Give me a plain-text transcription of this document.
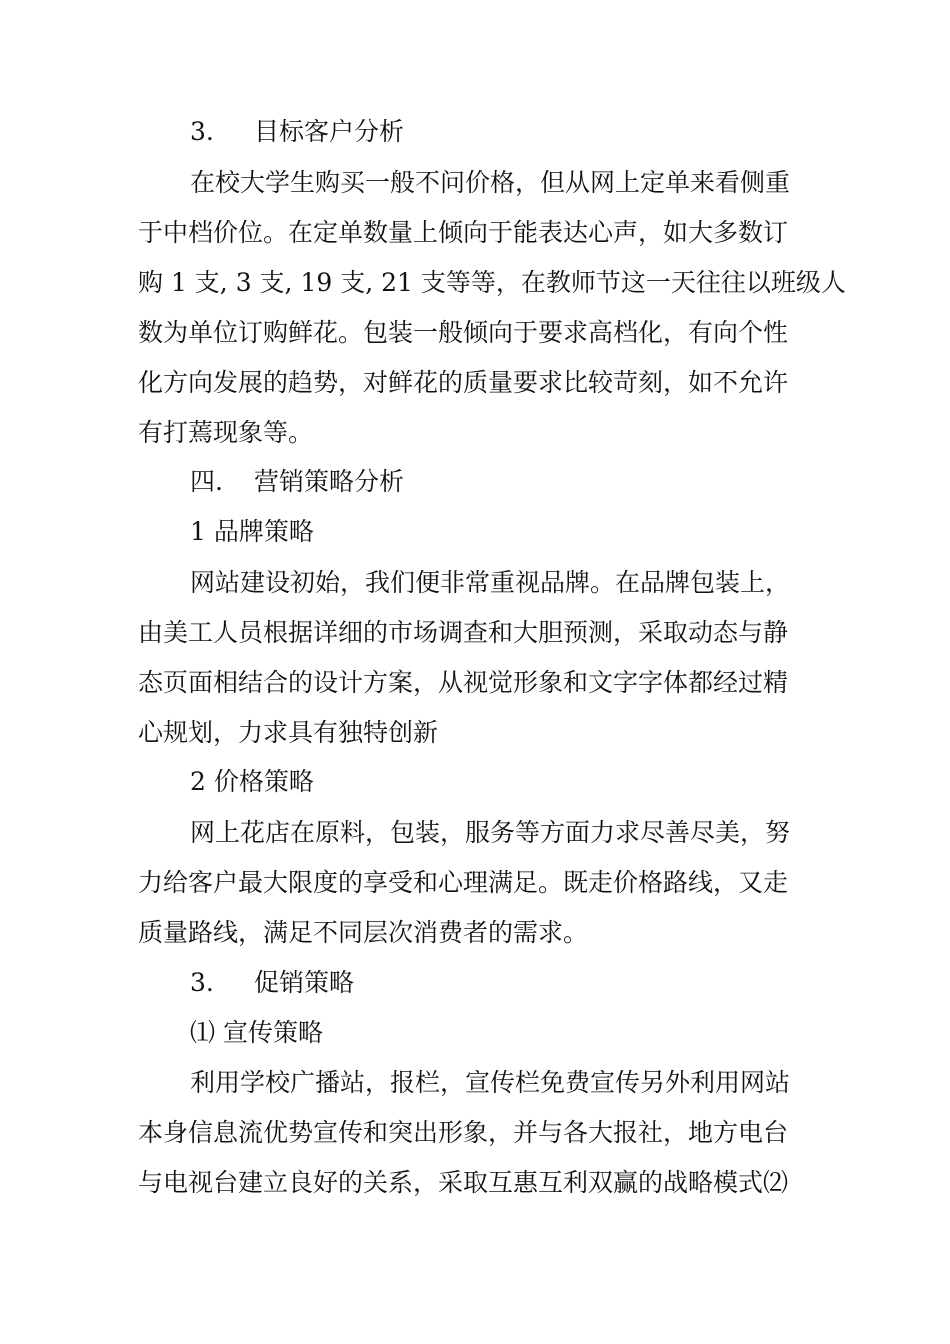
3. 目标客户分析
在校大学生购买一般不问价格，但从网上定单来看侧重
于中档价位。在定单数量上倾向于能表达心声，如大多数订
购 1 支, 3 支, 19 支, 21 支等等，在教师节这一天往往以班级人
数为单位订购鲜花。包装一般倾向于要求高档化，有向个性
化方向发展的趋势，对鲜花的质量要求比较苛刻，如不允许
有打蔫现象等。
四. 营销策略分析
1 品牌策略
网站建设初始，我们便非常重视品牌。在品牌包装上，
由美工人员根据详细的市场调查和大胆预测，采取动态与静
态页面相结合的设计方案，从视觉形象和文字字体都经过精
心规划，力求具有独特创新
2 价格策略
网上花店在原料，包装，服务等方面力求尽善尽美，努
力给客户最大限度的享受和心理满足。既走价格路线，又走
质量路线，满足不同层次消费者的需求。
3. 促销策略
⑴ 宣传策略
利用学校广播站，报栏，宣传栏免费宣传另外利用网站
本身信息流优势宣传和突出形象，并与各大报社，地方电台
与电视台建立良好的关系，采取互惠互利双赢的战略模式⑵
